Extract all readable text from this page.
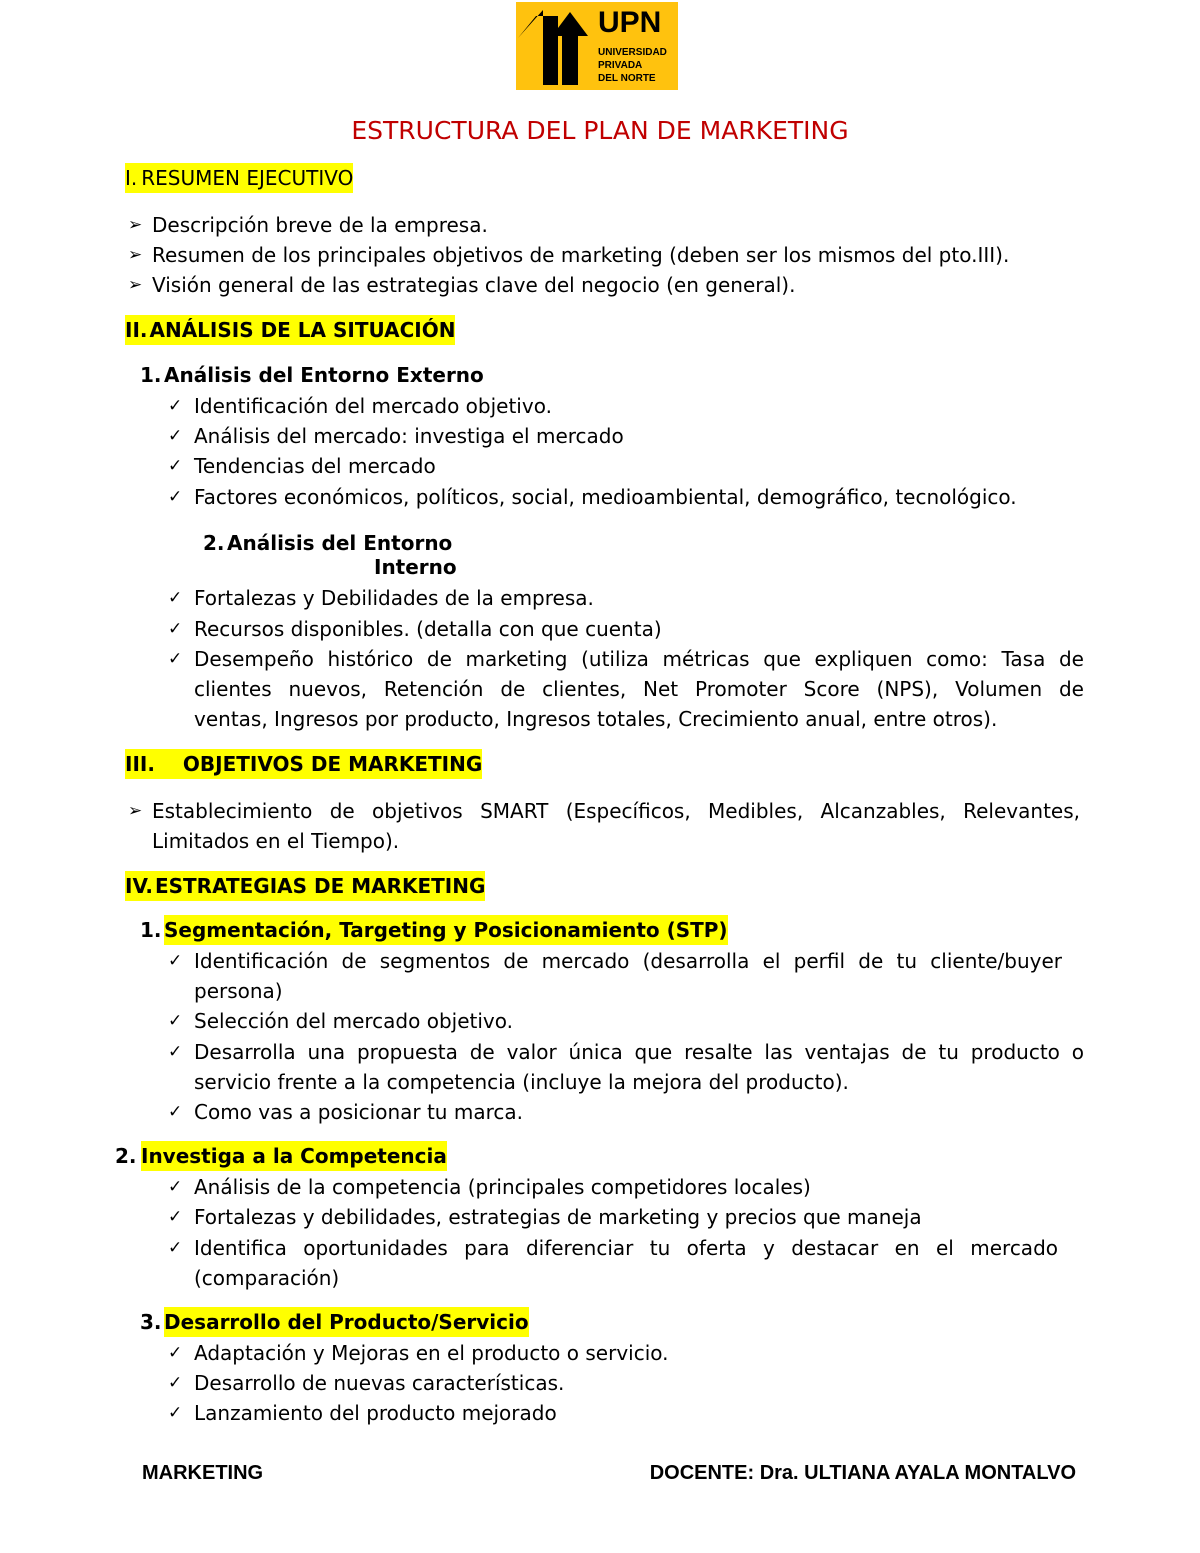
UPN
UNIVERSIDAD
PRIVADA
DEL NORTE
ESTRUCTURA DEL PLAN DE MARKETING
I. RESUMEN EJECUTIVO
➢ Descripción breve de la empresa.
➢ Resumen de los principales objetivos de marketing (deben ser los mismos del pto.III).
➢ Visión general de las estrategias clave del negocio (en general).
II. ANÁLISIS DE LA SITUACIÓN
1. Análisis del Entorno Externo
✓ Identificación del mercado objetivo.
✓ Análisis del mercado: investiga el mercado
✓ Tendencias del mercado
✓ Factores económicos, políticos, social, medioambiental, demográfico, tecnológico.
2. Análisis del Entorno
Interno
✓ Fortalezas y Debilidades de la empresa.
✓ Recursos disponibles. (detalla con que cuenta)
✓ Desempeño histórico de marketing (utiliza métricas que expliquen como: Tasa de
clientes nuevos, Retención de clientes, Net Promoter Score (NPS), Volumen de
ventas, Ingresos por producto, Ingresos totales, Crecimiento anual, entre otros).
III. OBJETIVOS DE MARKETING
➢ Establecimiento de objetivos SMART (Específicos, Medibles, Alcanzables, Relevantes,
Limitados en el Tiempo).
IV. ESTRATEGIAS DE MARKETING
1. Segmentación, Targeting y Posicionamiento (STP)
✓ Identificación de segmentos de mercado (desarrolla el perfil de tu cliente/buyer
persona)
✓ Selección del mercado objetivo.
✓ Desarrolla una propuesta de valor única que resalte las ventajas de tu producto o
servicio frente a la competencia (incluye la mejora del producto).
✓ Como vas a posicionar tu marca.
2. Investiga a la Competencia
✓ Análisis de la competencia (principales competidores locales)
✓ Fortalezas y debilidades, estrategias de marketing y precios que maneja
✓ Identifica oportunidades para diferenciar tu oferta y destacar en el mercado
(comparación)
3. Desarrollo del Producto/Servicio
✓ Adaptación y Mejoras en el producto o servicio.
✓ Desarrollo de nuevas características.
✓ Lanzamiento del producto mejorado
MARKETING	DOCENTE: Dra. ULTIANA AYALA MONTALVO
